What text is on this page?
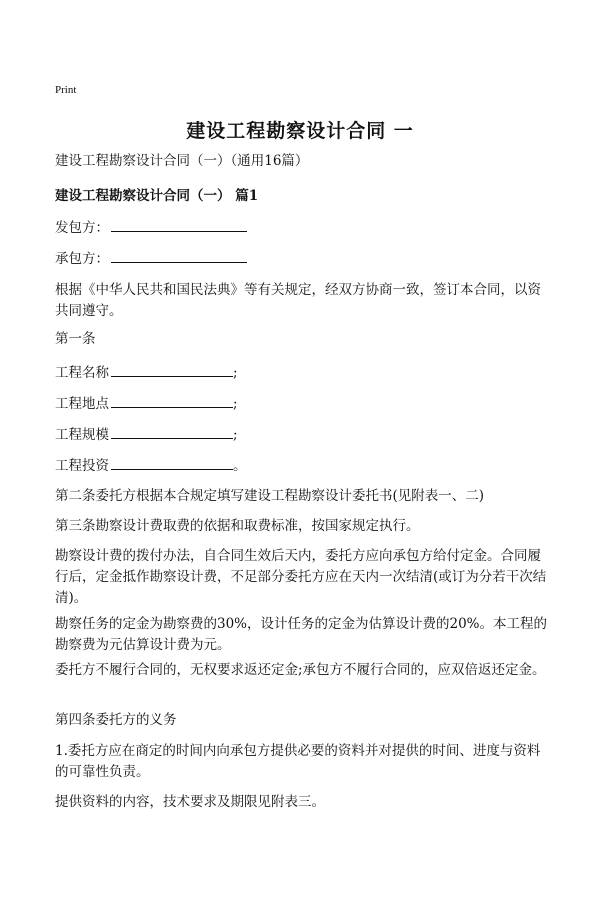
Print
建设工程勘察设计合同 一
建设工程勘察设计合同（一）（通用16篇）
建设工程勘察设计合同（一） 篇1
发包方：
承包方：
根据《中华人民共和国民法典》等有关规定，经双方协商一致，签订本合同，以资共同遵守。
第一条
工程名称	;
工程地点	;
工程规模	;
工程投资	。
第二条委托方根据本合规定填写建设工程勘察设计委托书(见附表一、二)
第三条勘察设计费取费的依据和取费标准，按国家规定执行。
勘察设计费的拨付办法，自合同生效后天内，委托方应向承包方给付定金。合同履行后，定金抵作勘察设计费，不足部分委托方应在天内一次结清(或订为分若干次结清)。
勘察任务的定金为勘察费的30%，设计任务的定金为估算设计费的20%。本工程的勘察费为元估算设计费为元。
委托方不履行合同的，无权要求返还定金;承包方不履行合同的，应双倍返还定金。
第四条委托方的义务
1.委托方应在商定的时间内向承包方提供必要的资料并对提供的时间、进度与资料的可靠性负责。
提供资料的内容，技术要求及期限见附表三。
